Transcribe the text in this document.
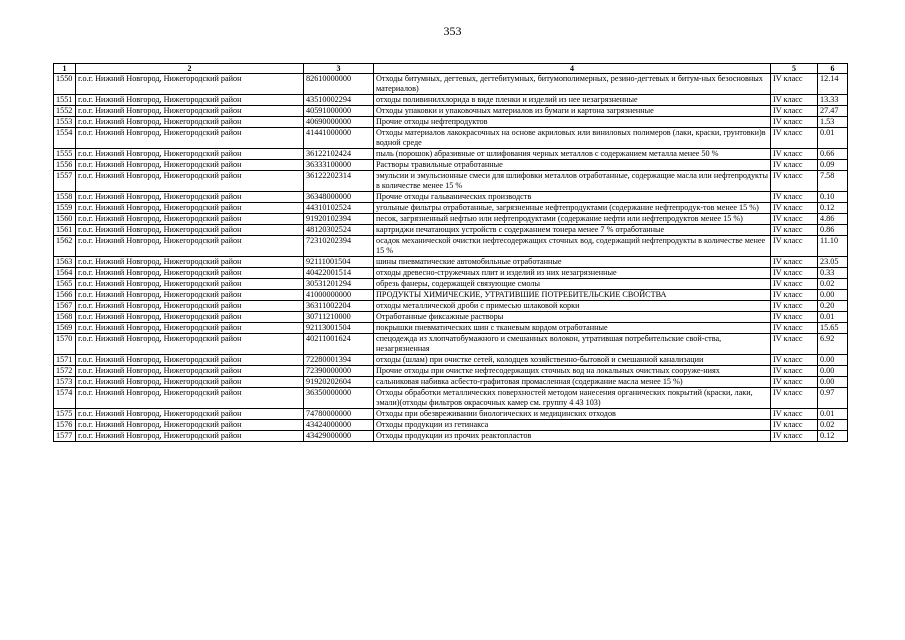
353
1	2	3	4	5	6
1550	г.о.г. Нижний Новгород, Нижегородский район	82610000000	Отходы битумных, дегтевых, дегтебитумных, битумополимерных, резино-дегтевых и битум-ных безосновных материалов)	IV класс	12.14
1551	г.о.г. Нижний Новгород, Нижегородский район	43510002294	отходы поливинилхлорида в виде пленки и изделий из нее незагрязненные	IV класс	13.33
1552	г.о.г. Нижний Новгород, Нижегородский район	40591000000	Отходы упаковки и упаковочных материалов из бумаги и картона загрязненные	IV класс	27.47
1553	г.о.г. Нижний Новгород, Нижегородский район	40690000000	Прочие отходы нефтепродуктов	IV класс	1.53
1554	г.о.г. Нижний Новгород, Нижегородский район	41441000000	Отходы материалов лакокрасочных на основе акриловых или виниловых полимеров (лаки, краски, грунтовки)в водной среде	IV класс	0.01
1555	г.о.г. Нижний Новгород, Нижегородский район	36122102424	пыль (порошок) абразивные от шлифования черных металлов с содержанием металла менее 50 %	IV класс	0.66
1556	г.о.г. Нижний Новгород, Нижегородский район	36333100000	Растворы травильные отработанные	IV класс	0.09
1557	г.о.г. Нижний Новгород, Нижегородский район	36122202314	эмульсии и эмульсионные смеси для шлифовки металлов отработанные, содержащие масла или нефтепродукты в количестве менее 15 %	IV класс	7.58
1558	г.о.г. Нижний Новгород, Нижегородский район	36348000000	Прочие отходы гальванических производств	IV класс	0.10
1559	г.о.г. Нижний Новгород, Нижегородский район	44310102524	угольные фильтры отработанные, загрязненные нефтепродуктами (содержание нефтепродук-тов менее 15 %)	IV класс	0.12
1560	г.о.г. Нижний Новгород, Нижегородский район	91920102394	песок, загрязненный нефтью или нефтепродуктами (содержание нефти или нефтепродуктов менее 15 %)	IV класс	4.86
1561	г.о.г. Нижний Новгород, Нижегородский район	48120302524	картриджи печатающих устройств с содержанием тонера менее 7 % отработанные	IV класс	0.86
1562	г.о.г. Нижний Новгород, Нижегородский район	72310202394	осадок механической очистки нефтесодержащих сточных вод, содержащий нефтепродукты в количестве менее 15 %	IV класс	11.10
1563	г.о.г. Нижний Новгород, Нижегородский район	92111001504	шины пневматические автомобильные отработанные	IV класс	23.05
1564	г.о.г. Нижний Новгород, Нижегородский район	40422001514	отходы древесно-стружечных плит и изделий из них незагрязненные	IV класс	0.33
1565	г.о.г. Нижний Новгород, Нижегородский район	30531201294	обрезь фанеры, содержащей связующие смолы	IV класс	0.02
1566	г.о.г. Нижний Новгород, Нижегородский район	41000000000	ПРОДУКТЫ ХИМИЧЕСКИЕ, УТРАТИВШИЕ ПОТРЕБИТЕЛЬСКИЕ СВОЙСТВА	IV класс	0.00
1567	г.о.г. Нижний Новгород, Нижегородский район	36311002204	отходы металлической дроби с примесью шлаковой корки	IV класс	0.20
1568	г.о.г. Нижний Новгород, Нижегородский район	30711210000	Отработанные фиксажные растворы	IV класс	0.01
1569	г.о.г. Нижний Новгород, Нижегородский район	92113001504	покрышки пневматических шин с тканевым кордом отработанные	IV класс	15.65
1570	г.о.г. Нижний Новгород, Нижегородский район	40211001624	спецодежда из хлопчатобумажного и смешанных волокон, утратившая потребительские свой-ства, незагрязненная	IV класс	6.92
1571	г.о.г. Нижний Новгород, Нижегородский район	72280001394	отходы (шлам) при очистке сетей, колодцев хозяйственно-бытовой и смешанной канализации	IV класс	0.00
1572	г.о.г. Нижний Новгород, Нижегородский район	72390000000	Прочие отходы при очистке нефтесодержащих сточных вод на локальных очистных сооруже-ниях	IV класс	0.00
1573	г.о.г. Нижний Новгород, Нижегородский район	91920202604	сальниковая набивка асбесто-графитовая промасленная (содержание масла менее 15 %)	IV класс	0.00
1574	г.о.г. Нижний Новгород, Нижегородский район	36350000000	Отходы обработки металлических поверхностей методом нанесения органических покрытий (краски, лаки, эмали)(отходы фильтров окрасочных камер см. группу 4 43 103)	IV класс	0.97
1575	г.о.г. Нижний Новгород, Нижегородский район	74780000000	Отходы при обезвреживании биологических и медицинских отходов	IV класс	0.01
1576	г.о.г. Нижний Новгород, Нижегородский район	43424000000	Отходы продукции из гетинакса	IV класс	0.02
1577	г.о.г. Нижний Новгород, Нижегородский район	43429000000	Отходы продукции из прочих реактопластов	IV класс	0.12
